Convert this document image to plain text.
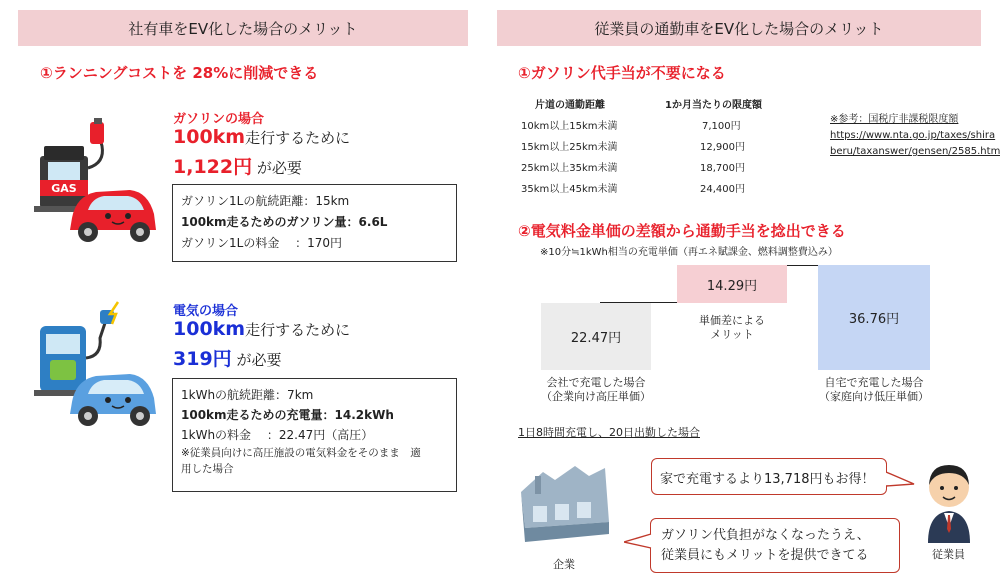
社有車をEV化した場合のメリット
①ランニングコストを 28%に削減できる
GAS
ガソリンの場合
100km走行するために
1,122円 が必要
ガソリン1Lの航続距離：15km
100km走るためのガソリン量：6.6L
ガソリン1Lの料金　 ：170円
電気の場合
100km走行するために
319円 が必要
1kWhの航続距離：7km
100km走るための充電量：14.2kWh
1kWhの料金　 ：22.47円（高圧）
※従業員向けに高圧施設の電気料金をそのまま　適
用した場合
従業員の通勤車をEV化した場合のメリット
①ガソリン代手当が不要になる
片道の通勤距離	1か月当たりの限度額
10km以上15km未満	7,100円
15km以上25km未満	12,900円
25km以上35km未満	18,700円
35km以上45km未満	24,400円
※参考：国税庁非課税限度額
https://www.nta.go.jp/taxes/shira
beru/taxanswer/gensen/2585.htm
②電気料金単価の差額から通勤手当を捻出できる
※10分≒1kWh相当の充電単価（再エネ賦課金、燃料調整費込み）
22.47円
14.29円
36.76円
会社で充電した場合
（企業向け高圧単価）
単価差による
メリット
自宅で充電した場合
（家庭向け低圧単価）
1日8時間充電し、20日出勤した場合
企業
家で充電するより13,718円もお得！
ガソリン代負担がなくなったうえ、
従業員にもメリットを提供できてる	従業員
